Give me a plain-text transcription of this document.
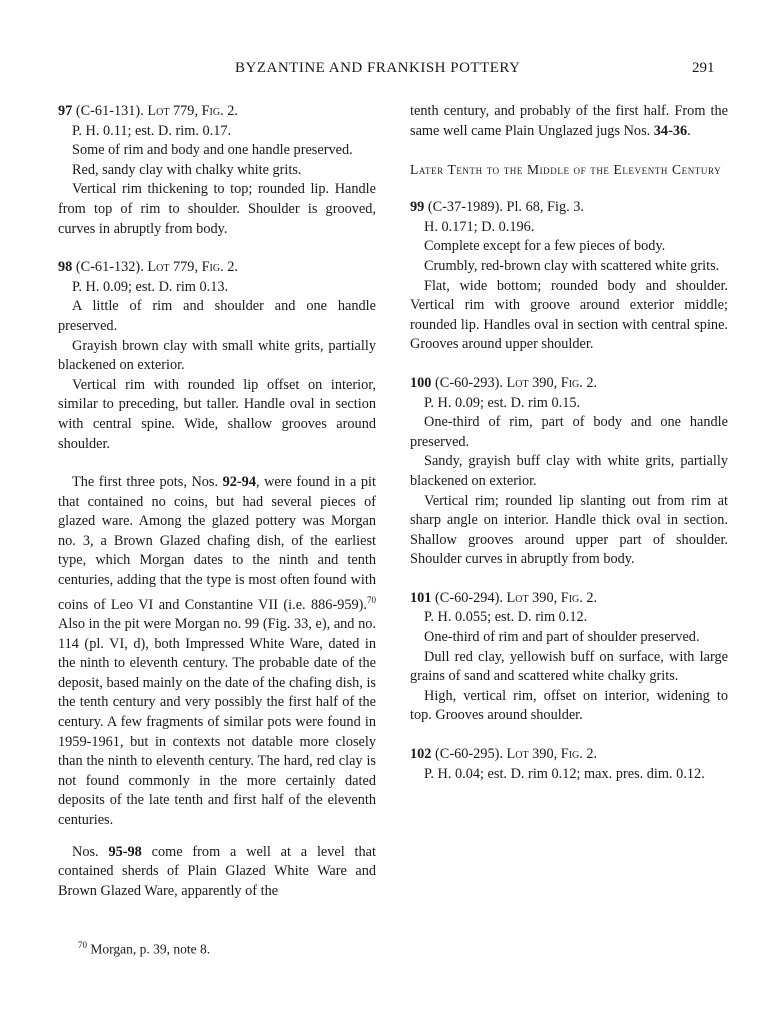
BYZANTINE AND FRANKISH POTTERY	291

97 (C-61-131). Lot 779, Fig. 2.

P. H. 0.11; est. D. rim. 0.17.

Some of rim and body and one handle preserved.

Red, sandy clay with chalky white grits.

Vertical rim thickening to top; rounded lip. Handle from top of rim to shoulder. Shoulder is grooved, curves in abruptly from body.

98 (C-61-132). Lot 779, Fig. 2.

P. H. 0.09; est. D. rim 0.13.

A little of rim and shoulder and one handle preserved.

Grayish brown clay with small white grits, partially blackened on exterior.

Vertical rim with rounded lip offset on interior, similar to preceding, but taller. Handle oval in section with central spine. Wide, shallow grooves around shoulder.

The first three pots, Nos. 92-94, were found in a pit that contained no coins, but had several pieces of glazed ware. Among the glazed pottery was Morgan no. 3, a Brown Glazed chafing dish, of the earliest type, which Morgan dates to the ninth and tenth centuries, adding that the type is most often found with coins of Leo VI and Constantine VII (i.e. 886-959).$^{70}$ Also in the pit were Morgan no. 99 (Fig. 33, e), and no. 114 (pl. VI, d), both Impressed White Ware, dated in the ninth to eleventh century. The probable date of the deposit, based mainly on the date of the chafing dish, is the tenth century and very possibly the first half of the century. A few fragments of similar pots were found in 1959-1961, but in contexts not datable more closely than the ninth to eleventh century. The hard, red clay is not found commonly in the more certainly dated deposits of the late tenth and first half of the eleventh centuries.

Nos. 95-98 come from a well at a level that contained sherds of Plain Glazed White Ware and Brown Glazed Ware, apparently of the

tenth century, and probably of the first half. From the same well came Plain Unglazed jugs Nos. 34-36.

Later Tenth to the Middle of the Eleventh Century

99 (C-37-1989). Pl. 68, Fig. 3.

H. 0.171; D. 0.196.

Complete except for a few pieces of body.

Crumbly, red-brown clay with scattered white grits.

Flat, wide bottom; rounded body and shoulder. Vertical rim with groove around exterior middle; rounded lip. Handles oval in section with central spine. Grooves around upper shoulder.

100 (C-60-293). Lot 390, Fig. 2.

P. H. 0.09; est. D. rim 0.15.

One-third of rim, part of body and one handle preserved.

Sandy, grayish buff clay with white grits, partially blackened on exterior.

Vertical rim; rounded lip slanting out from rim at sharp angle on interior. Handle thick oval in section. Shallow grooves around upper part of shoulder. Shoulder curves in abruptly from body.

101 (C-60-294). Lot 390, Fig. 2.

P. H. 0.055; est. D. rim 0.12.

One-third of rim and part of shoulder preserved.

Dull red clay, yellowish buff on surface, with large grains of sand and scattered white chalky grits.

High, vertical rim, offset on interior, widening to top. Grooves around shoulder.

102 (C-60-295). Lot 390, Fig. 2.

P. H. 0.04; est. D. rim 0.12; max. pres. dim. 0.12.

$^{70}$ Morgan, p. 39, note 8.
